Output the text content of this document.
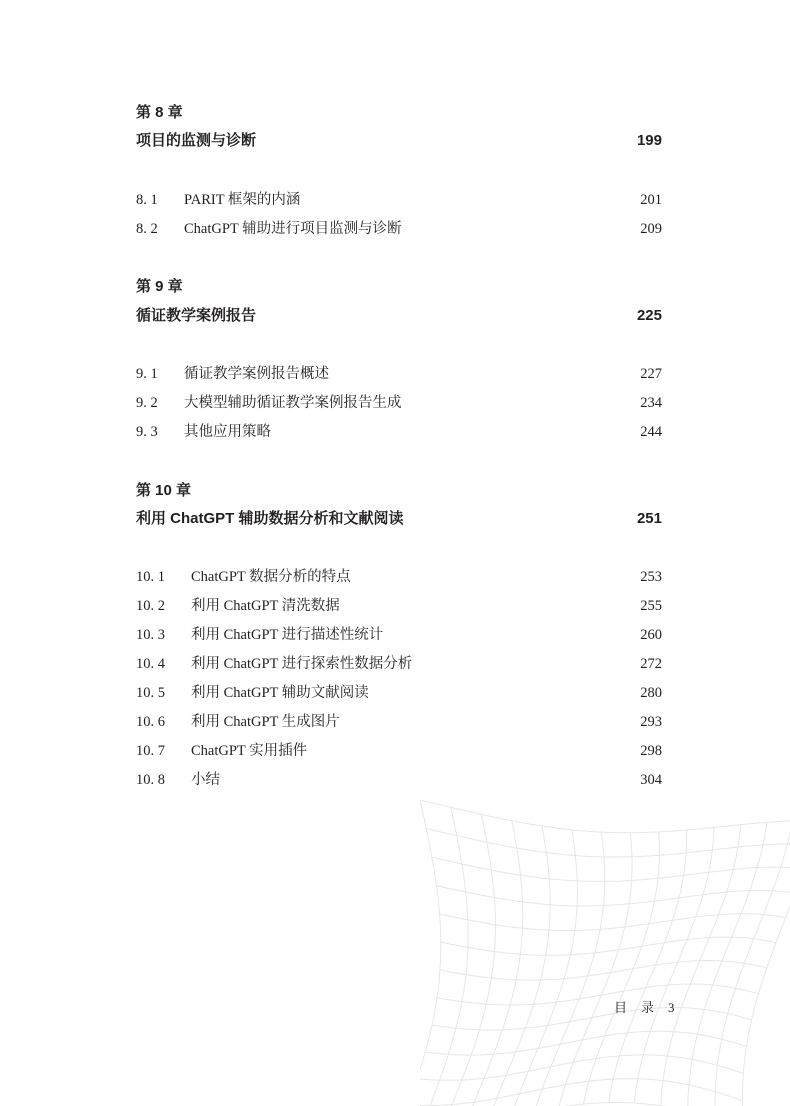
第 8 章
项目的监测与诊断	199
8. 1 PARIT 框架的内涵	201
8. 2 ChatGPT 辅助进行项目监测与诊断	209
第 9 章
循证教学案例报告	225
9. 1 循证教学案例报告概述	227
9. 2 大模型辅助循证教学案例报告生成	234
9. 3 其他应用策略	244
第 10 章
利用 ChatGPT 辅助数据分析和文献阅读	251
10. 1 ChatGPT 数据分析的特点	253
10. 2 利用 ChatGPT 清洗数据	255
10. 3 利用 ChatGPT 进行描述性统计	260
10. 4 利用 ChatGPT 进行探索性数据分析	272
10. 5 利用 ChatGPT 辅助文献阅读	280
10. 6 利用 ChatGPT 生成图片	293
10. 7 ChatGPT 实用插件	298
10. 8 小结	304
目 录 3
